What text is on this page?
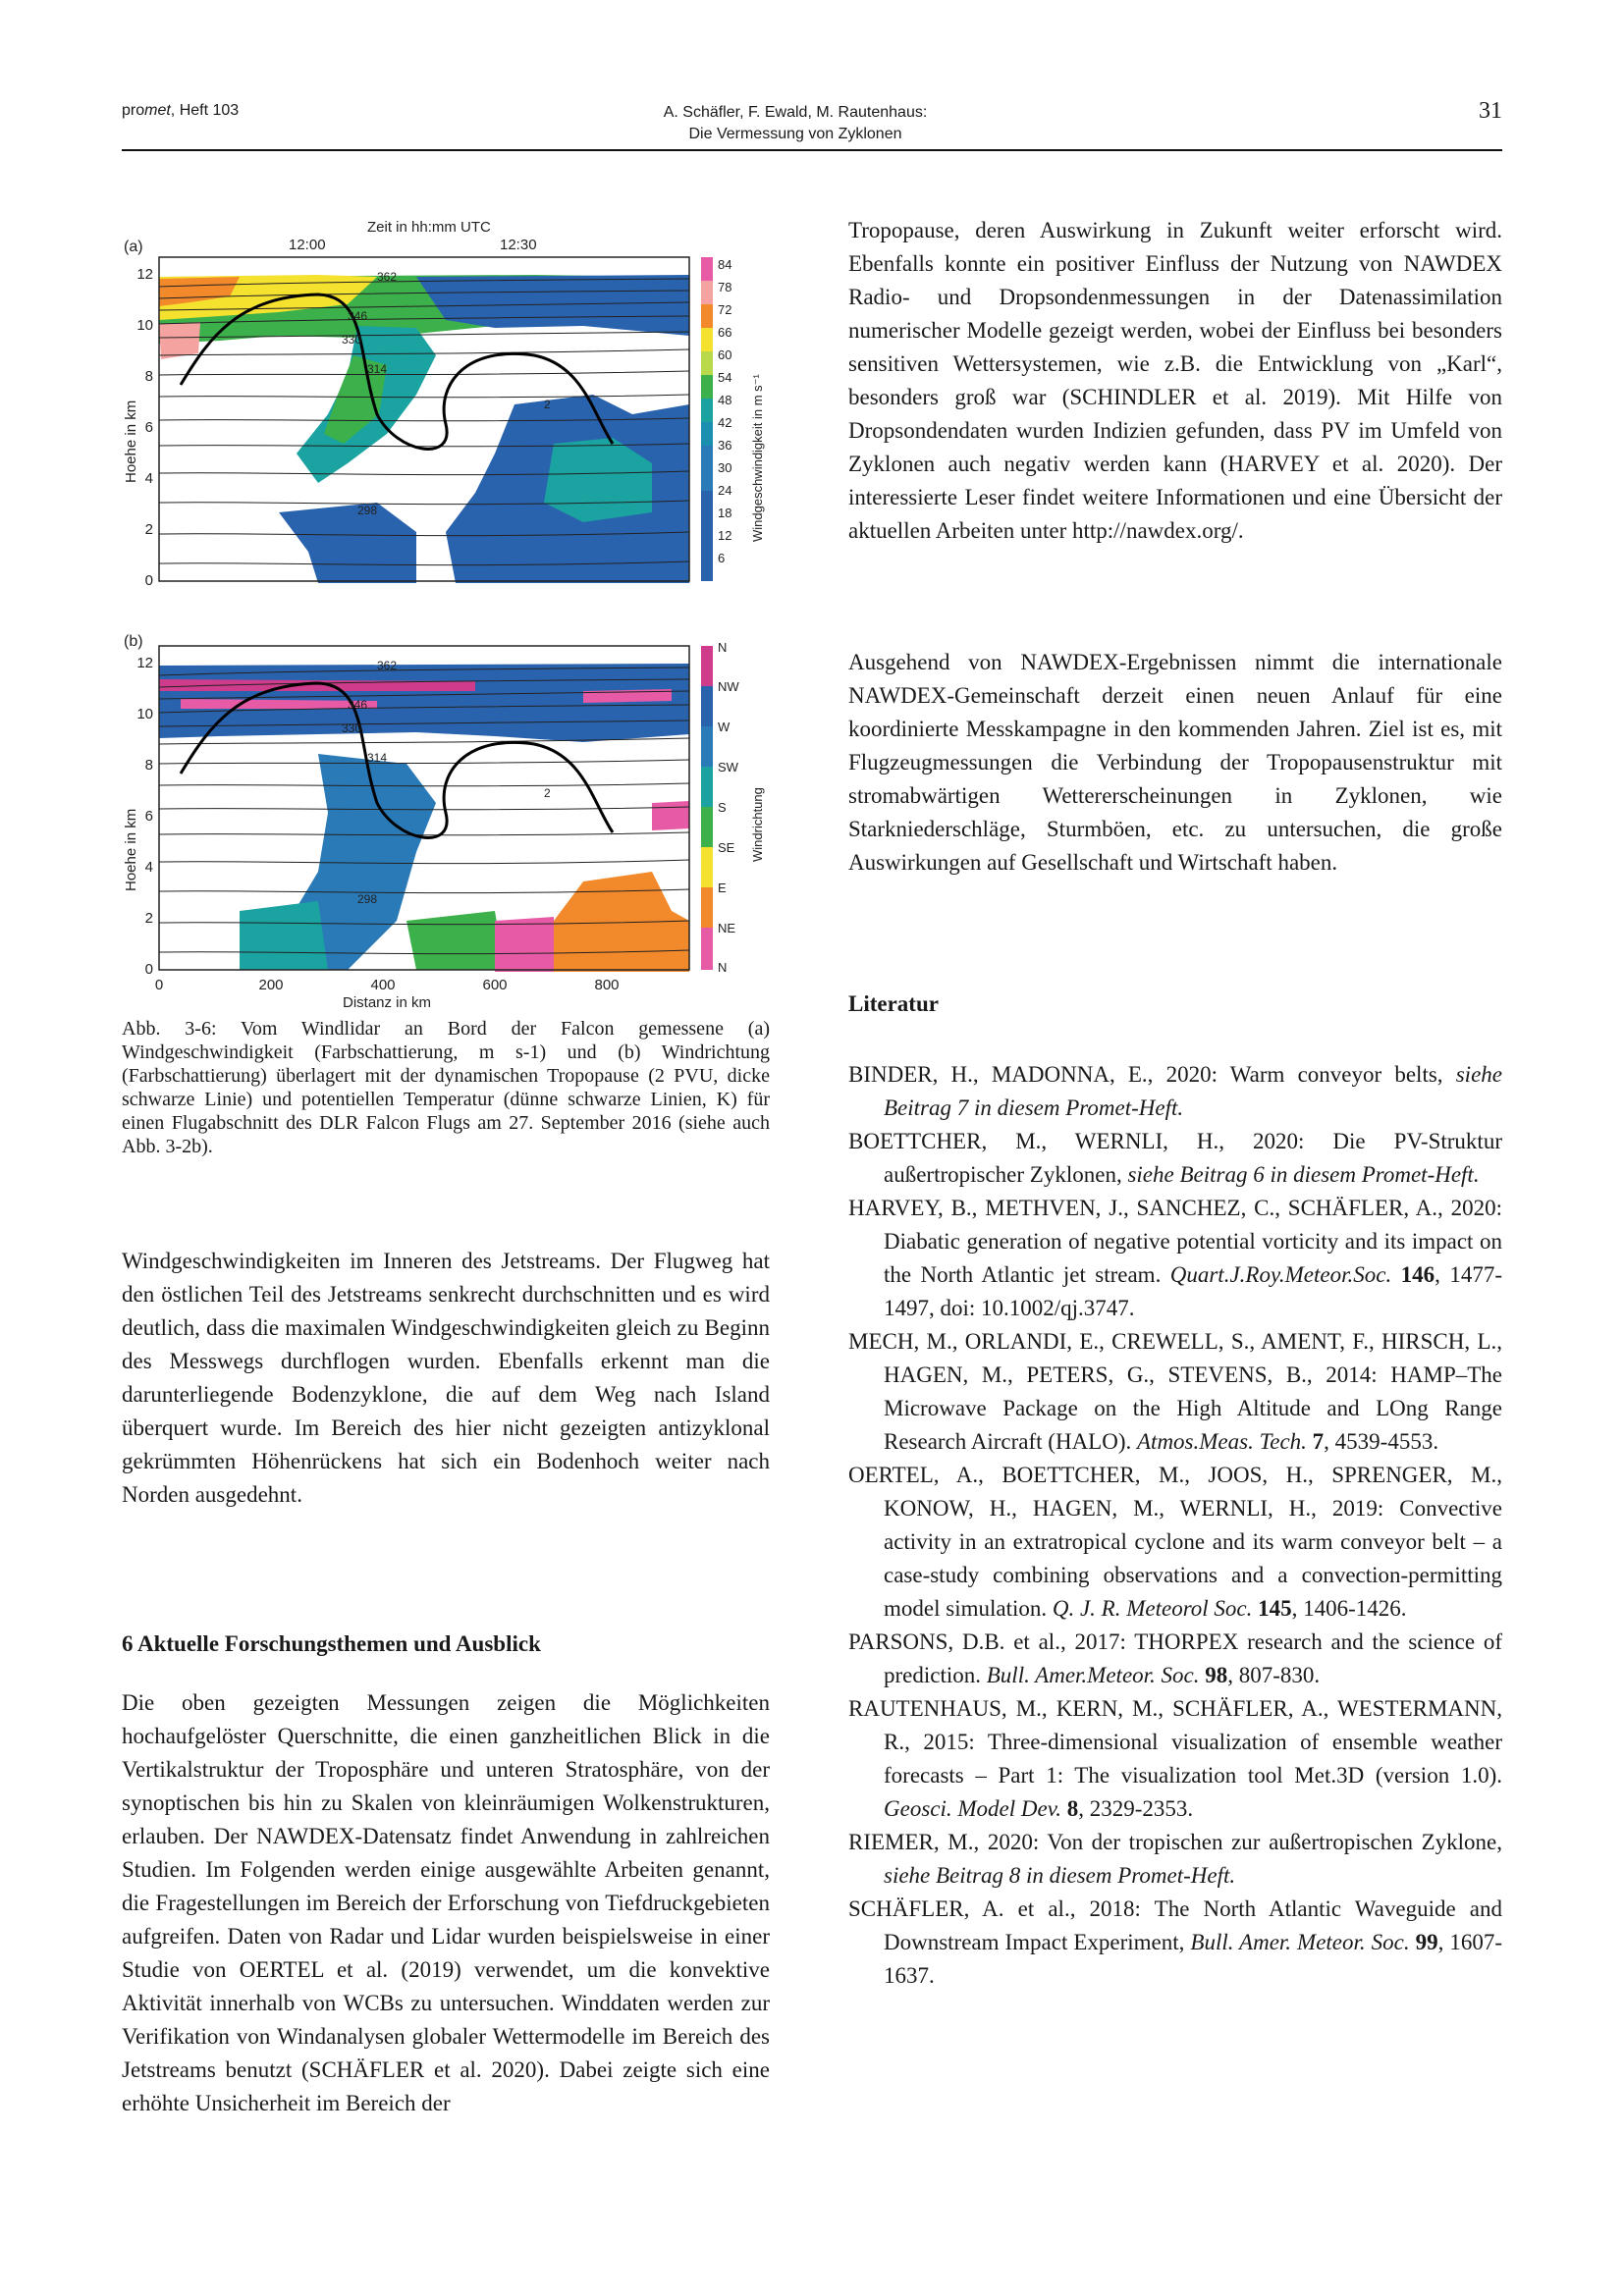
promet, Heft 103	A. Schäfler, F. Ewald, M. Rautenhaus:
Die Vermessung von Zyklonen
31
Zeit in hh:mm UTC
12:00	12:30
(a)
Hoehe in km
12
10
8
6
4
2
0
362
346
330
314
298
2
84
78
72
66
60
54
48
42
36
30
24
18
12
6
Windgeschwindigkeit in m s⁻¹
(b)
Hoehe in km
12
10
8
6
4
2
0
362
346
330
314
298
2
0	200	400	600	800
Distanz in km
N
NW
W
SW
S
SE
E
NE
N
Windrichtung
Abb. 3-6: Vom Windlidar an Bord der Falcon gemessene (a) Windgeschwindigkeit (Farbschattierung, m s-1) und (b) Windrichtung (Farbschattierung) überlagert mit der dynamischen Tropopause (2 PVU, dicke schwarze Linie) und potentiellen Temperatur (dünne schwarze Linien, K) für einen Flugabschnitt des DLR Falcon Flugs am 27. September 2016 (siehe auch Abb. 3-2b).

Windgeschwindigkeiten im Inneren des Jetstreams. Der Flugweg hat den östlichen Teil des Jetstreams senkrecht durchschnitten und es wird deutlich, dass die maximalen Windgeschwindigkeiten gleich zu Beginn des Messwegs durchflogen wurden. Ebenfalls erkennt man die darunterliegende Bodenzyklone, die auf dem Weg nach Island überquert wurde. Im Bereich des hier nicht gezeigten antizyklonal gekrümmten Höhenrückens hat sich ein Bodenhoch weiter nach Norden ausgedehnt.

6 Aktuelle Forschungsthemen und Ausblick

Die oben gezeigten Messungen zeigen die Möglichkeiten hochaufgelöster Querschnitte, die einen ganzheitlichen Blick in die Vertikalstruktur der Troposphäre und unteren Stratosphäre, von der synoptischen bis hin zu Skalen von kleinräumigen Wolkenstrukturen, erlauben. Der NAWDEX-Datensatz findet Anwendung in zahlreichen Studien. Im Folgenden werden einige ausgewählte Arbeiten genannt, die Fragestellungen im Bereich der Erforschung von Tiefdruckgebieten aufgreifen. Daten von Radar und Lidar wurden beispielsweise in einer Studie von OERTEL et al. (2019) verwendet, um die konvektive Aktivität innerhalb von WCBs zu untersuchen. Winddaten werden zur Verifikation von Windanalysen globaler Wettermodelle im Bereich des Jetstreams benutzt (SCHÄFLER et al. 2020). Dabei zeigte sich eine erhöhte Unsicherheit im Bereich der

Tropopause, deren Auswirkung in Zukunft weiter erforscht wird. Ebenfalls konnte ein positiver Einfluss der Nutzung von NAWDEX Radio- und Dropsondenmessungen in der Datenassimilation numerischer Modelle gezeigt werden, wobei der Einfluss bei besonders sensitiven Wettersystemen, wie z.B. die Entwicklung von „Karl“, besonders groß war (SCHINDLER et al. 2019). Mit Hilfe von Dropsondendaten wurden Indizien gefunden, dass PV im Umfeld von Zyklonen auch negativ werden kann (HARVEY et al. 2020). Der interessierte Leser findet weitere Informationen und eine Übersicht der aktuellen Arbeiten unter http://nawdex.org/.

Ausgehend von NAWDEX-Ergebnissen nimmt die internationale NAWDEX-Gemeinschaft derzeit einen neuen Anlauf für eine koordinierte Messkampagne in den kommenden Jahren. Ziel ist es, mit Flugzeugmessungen die Verbindung der Tropopausenstruktur mit stromabwärtigen Wettererscheinungen in Zyklonen, wie Starkniederschläge, Sturmböen, etc. zu untersuchen, die große Auswirkungen auf Gesellschaft und Wirtschaft haben.

Literatur
BINDER, H., MADONNA, E., 2020: Warm conveyor belts, siehe Beitrag 7 in diesem Promet-Heft.
BOETTCHER, M., WERNLI, H., 2020: Die PV-Struktur außertropischer Zyklonen, siehe Beitrag 6 in diesem Promet-Heft.
HARVEY, B., METHVEN, J., SANCHEZ, C., SCHÄFLER, A., 2020: Diabatic generation of negative potential vorticity and its impact on the North Atlantic jet stream. Quart.J.Roy.Meteor.Soc. 146, 1477-1497, doi: 10.1002/qj.3747.
MECH, M., ORLANDI, E., CREWELL, S., AMENT, F., HIRSCH, L., HAGEN, M., PETERS, G., STEVENS, B., 2014: HAMP–The Microwave Package on the High Altitude and LOng Range Research Aircraft (HALO). Atmos.Meas. Tech. 7, 4539-4553.
OERTEL, A., BOETTCHER, M., JOOS, H., SPRENGER, M., KONOW, H., HAGEN, M., WERNLI, H., 2019: Convective activity in an extratropical cyclone and its warm conveyor belt – a case-study combining observations and a convection-permitting model simulation. Q. J. R. Meteorol Soc. 145, 1406-1426.
PARSONS, D.B. et al., 2017: THORPEX research and the science of prediction. Bull. Amer.Meteor. Soc. 98, 807-830.
RAUTENHAUS, M., KERN, M., SCHÄFLER, A., WESTERMANN, R., 2015: Three-dimensional visualization of ensemble weather forecasts – Part 1: The visualization tool Met.3D (version 1.0). Geosci. Model Dev. 8, 2329-2353.
RIEMER, M., 2020: Von der tropischen zur außertropischen Zyklone, siehe Beitrag 8 in diesem Promet-Heft.
SCHÄFLER, A. et al., 2018: The North Atlantic Waveguide and Downstream Impact Experiment, Bull. Amer. Meteor. Soc. 99, 1607-1637.
